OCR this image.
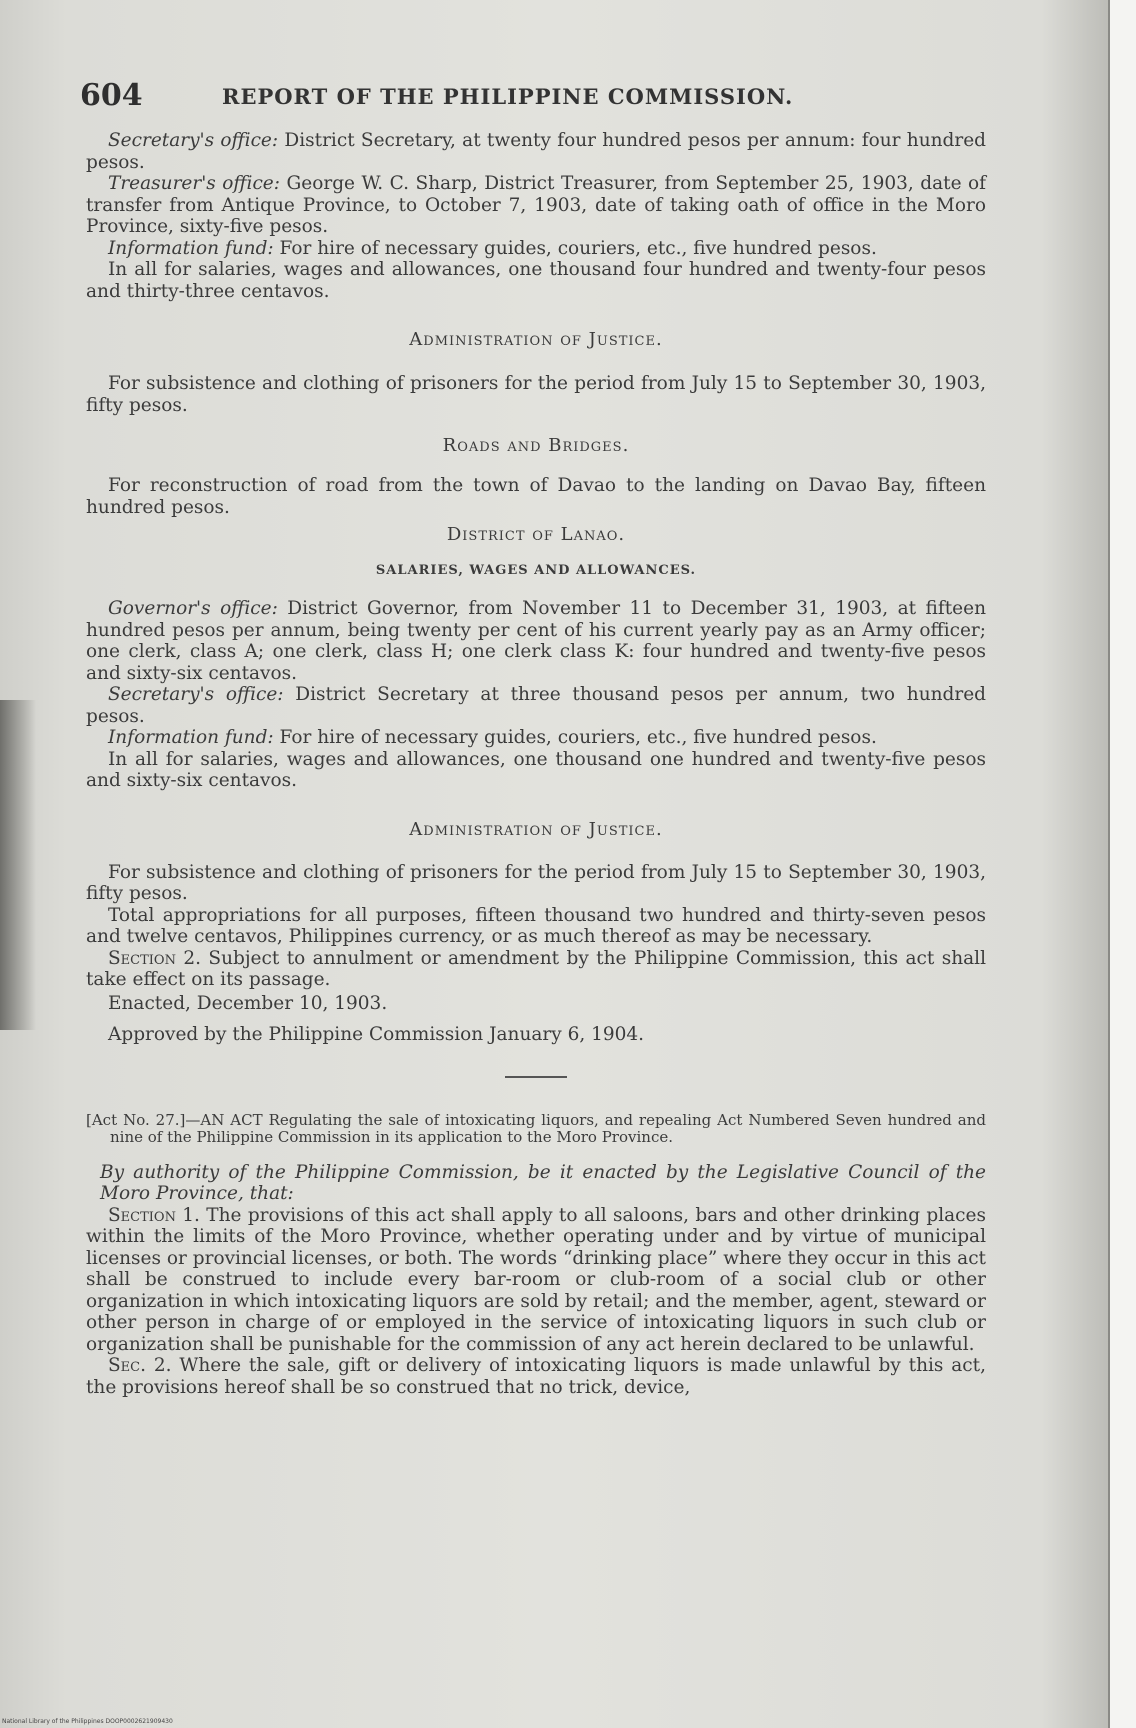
604	REPORT OF THE PHILIPPINE COMMISSION.

Secretary's office: District Secretary, at twenty four hundred pesos per annum: four hundred pesos.

Treasurer's office: George W. C. Sharp, District Treasurer, from September 25, 1903, date of transfer from Antique Province, to October 7, 1903, date of taking oath of office in the Moro Province, sixty-five pesos.

Information fund: For hire of necessary guides, couriers, etc., five hundred pesos.

In all for salaries, wages and allowances, one thousand four hundred and twenty-four pesos and thirty-three centavos.

Administration of Justice.

For subsistence and clothing of prisoners for the period from July 15 to September 30, 1903, fifty pesos.

Roads and Bridges.

For reconstruction of road from the town of Davao to the landing on Davao Bay, fifteen hundred pesos.

District of Lanao.
SALARIES, WAGES AND ALLOWANCES.

Governor's office: District Governor, from November 11 to December 31, 1903, at fifteen hundred pesos per annum, being twenty per cent of his current yearly pay as an Army officer; one clerk, class A; one clerk, class H; one clerk class K: four hundred and twenty-five pesos and sixty-six centavos.

Secretary's office: District Secretary at three thousand pesos per annum, two hundred pesos.

Information fund: For hire of necessary guides, couriers, etc., five hundred pesos.

In all for salaries, wages and allowances, one thousand one hundred and twenty-five pesos and sixty-six centavos.

Administration of Justice.

For subsistence and clothing of prisoners for the period from July 15 to September 30, 1903, fifty pesos.

Total appropriations for all purposes, fifteen thousand two hundred and thirty-seven pesos and twelve centavos, Philippines currency, or as much thereof as may be necessary.

Section 2. Subject to annulment or amendment by the Philippine Commission, this act shall take effect on its passage.

Enacted, December 10, 1903.

Approved by the Philippine Commission January 6, 1904.

[Act No. 27.]—AN ACT Regulating the sale of intoxicating liquors, and repealing Act Numbered Seven hundred and nine of the Philippine Commission in its application to the Moro Province.

By authority of the Philippine Commission, be it enacted by the Legislative Council of the Moro Province, that:

Section 1. The provisions of this act shall apply to all saloons, bars and other drinking places within the limits of the Moro Province, whether operating under and by virtue of municipal licenses or provincial licenses, or both. The words “drinking place” where they occur in this act shall be construed to include every bar-room or club-room of a social club or other organization in which intoxicating liquors are sold by retail; and the member, agent, steward or other person in charge of or employed in the service of intoxicating liquors in such club or organization shall be punishable for the commission of any act herein declared to be unlawful.

Sec. 2. Where the sale, gift or delivery of intoxicating liquors is made unlawful by this act, the provisions hereof shall be so construed that no trick, device,

National Library of the Philippines DOOP0002621909430
